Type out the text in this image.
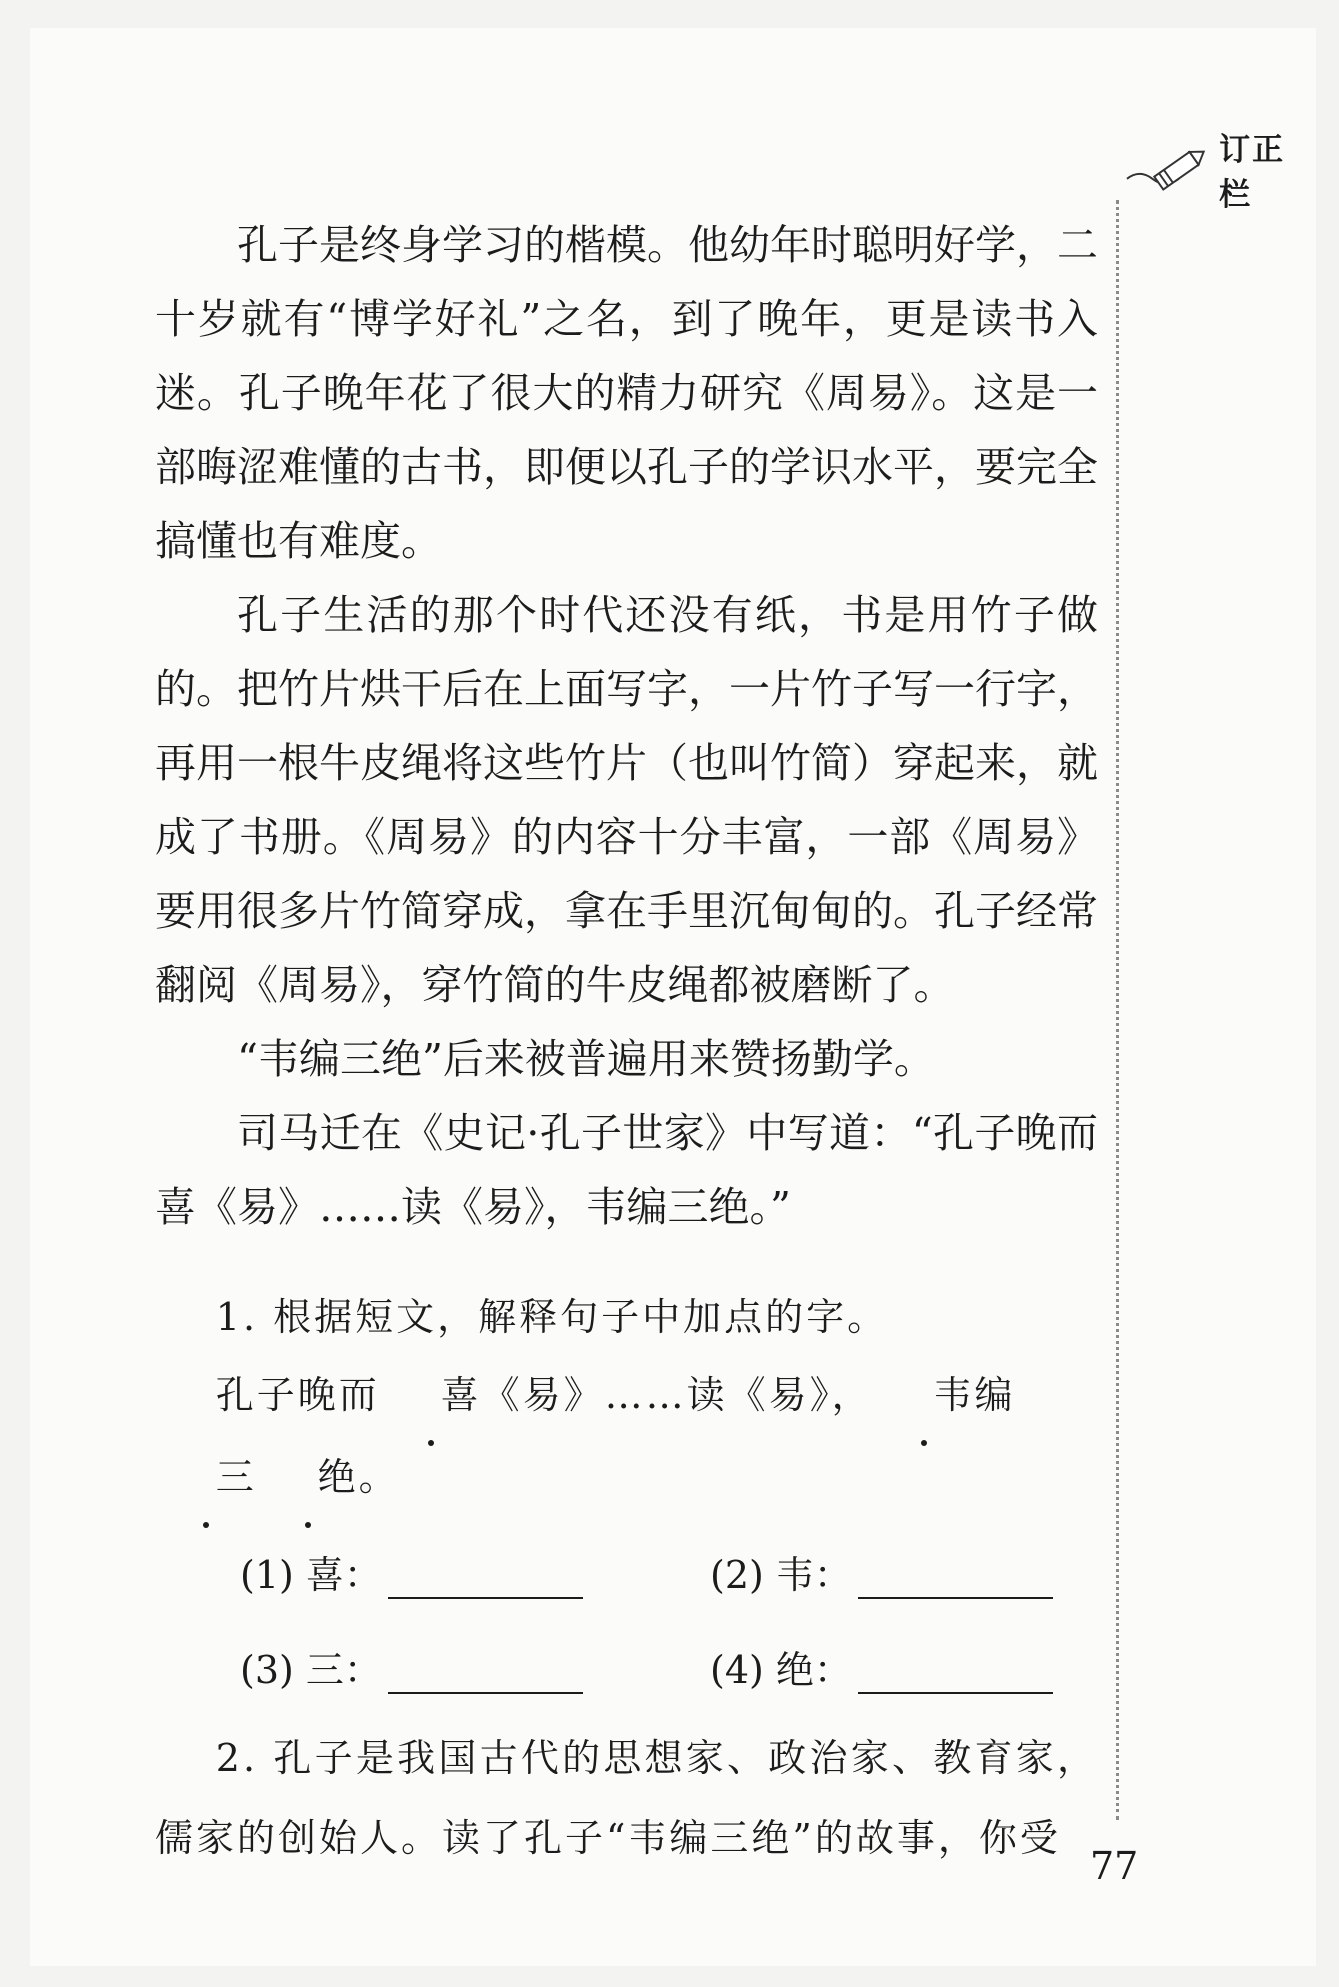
订正栏

孔子是终身学习的楷模。他幼年时聪明好学，二十岁就有“博学好礼”之名，到了晚年，更是读书入迷。孔子晚年花了很大的精力研究《周易》。这是一部晦涩难懂的古书，即便以孔子的学识水平，要完全搞懂也有难度。

孔子生活的那个时代还没有纸，书是用竹子做的。把竹片烘干后在上面写字，一片竹子写一行字，再用一根牛皮绳将这些竹片（也叫竹简）穿起来，就成了书册。《周易》的内容十分丰富，一部《周易》要用很多片竹简穿成，拿在手里沉甸甸的。孔子经常翻阅《周易》，穿竹简的牛皮绳都被磨断了。

“韦编三绝”后来被普遍用来赞扬勤学。

司马迁在《史记·孔子世家》中写道：“孔子晚而喜《易》……读《易》，韦编三绝。”

1. 根据短文，解释句子中加点的字。

孔子晚而 喜《易》……读《易》， 韦编三 绝。

(1) 喜：	(2) 韦：
(3) 三：	(4) 绝：

2. 孔子是我国古代的思想家、政治家、教育家，儒家的创始人。读了孔子“韦编三绝”的故事，你受

77
